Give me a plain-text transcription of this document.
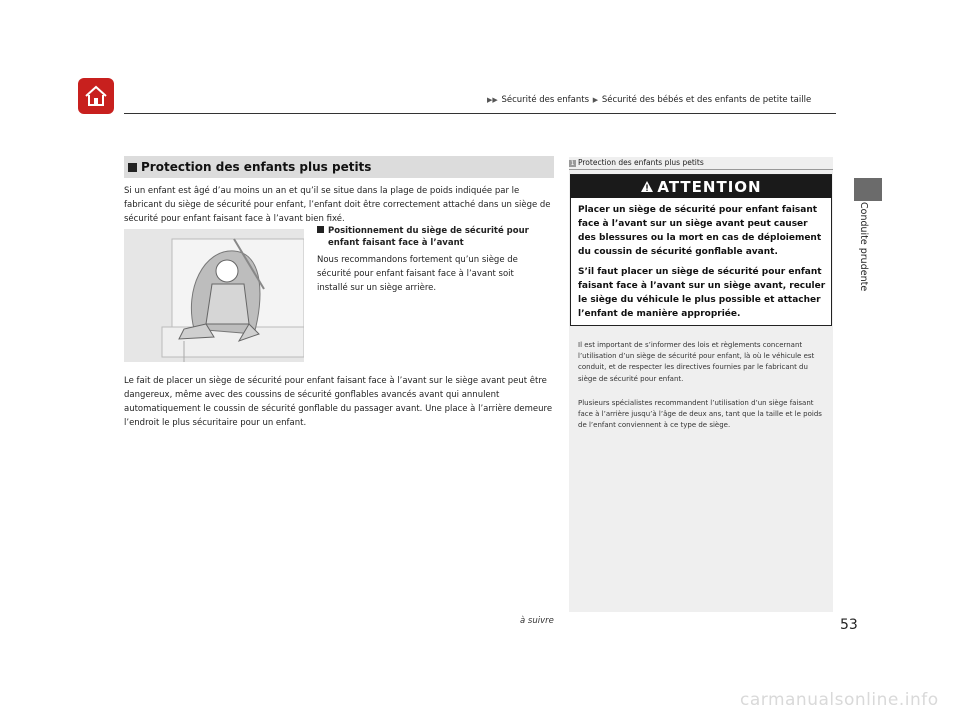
▶▶ Sécurité des enfants ▶ Sécurité des bébés et des enfants de petite taille
Conduite prudente
Protection des enfants plus petits
Si un enfant est âgé d’au moins un an et qu’il se situe dans la plage de poids indiquée par le fabricant du siège de sécurité pour enfant, l’enfant doit être correctement attaché dans un siège de sécurité pour enfant faisant face à l’avant bien fixé.
Positionnement du siège de sécurité pour
enfant faisant face à l’avant
Nous recommandons fortement qu’un siège de sécurité pour enfant faisant face à l’avant soit installé sur un siège arrière.
Le fait de placer un siège de sécurité pour enfant faisant face à l’avant sur le siège avant peut être dangereux, même avec des coussins de sécurité gonflables avancés avant qui annulent automatiquement le coussin de sécurité gonflable du passager avant. Une place à l’arrière demeure l’endroit le plus sécuritaire pour un enfant.
1 Protection des enfants plus petits
ATTENTION
Placer un siège de sécurité pour enfant faisant face à l’avant sur un siège avant peut causer des blessures ou la mort en cas de déploiement du coussin de sécurité gonflable avant.
S’il faut placer un siège de sécurité pour enfant faisant face à l’avant sur un siège avant, reculer le siège du véhicule le plus possible et attacher l’enfant de manière appropriée.
Il est important de s’informer des lois et règlements concernant l’utilisation d’un siège de sécurité pour enfant, là où le véhicule est conduit, et de respecter les directives fournies par le fabricant du siège de sécurité pour enfant.
Plusieurs spécialistes recommandent l’utilisation d’un siège faisant face à l’arrière jusqu’à l’âge de deux ans, tant que la taille et le poids de l’enfant conviennent à ce type de siège.
à suivre	53
carmanualsonline.info
